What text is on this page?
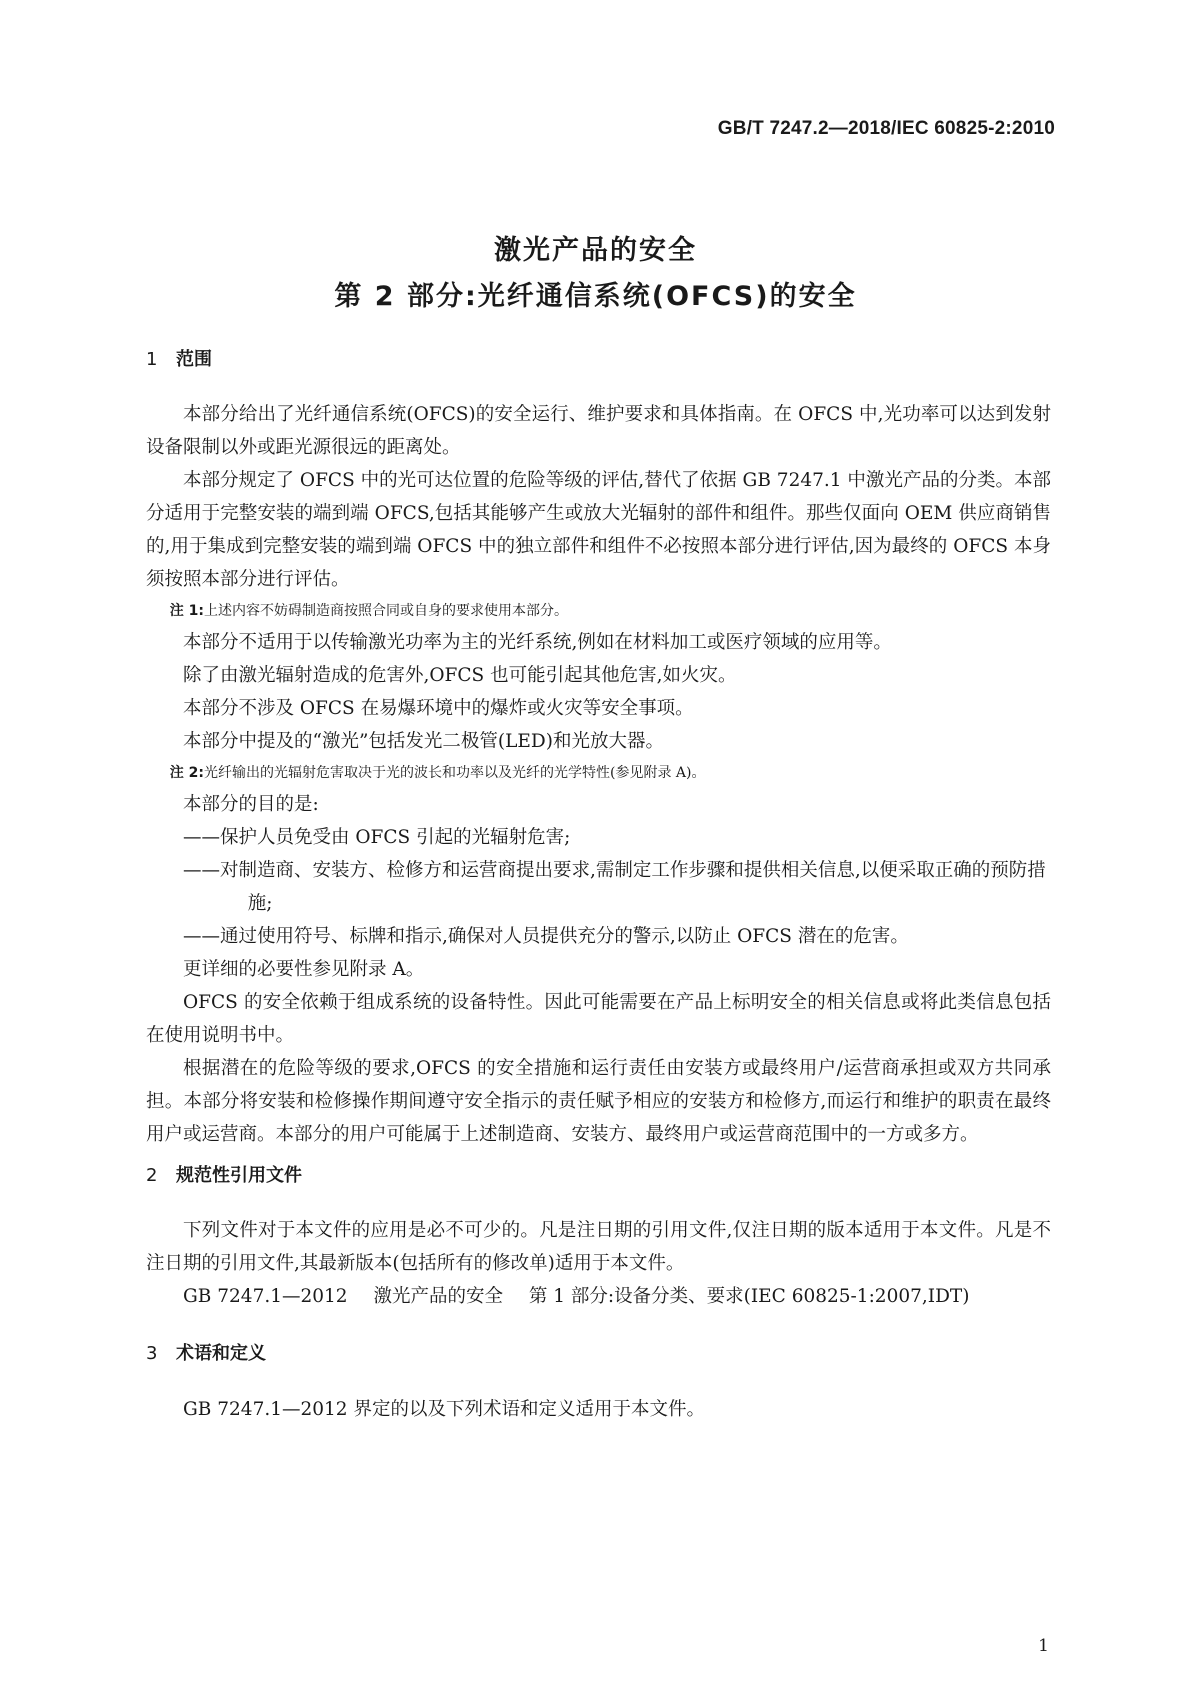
GB/T 7247.2—2018/IEC 60825-2:2010
激光产品的安全
第 2 部分:光纤通信系统(OFCS)的安全
1 范围

本部分给出了光纤通信系统(OFCS)的安全运行、维护要求和具体指南。在 OFCS 中,光功率可以达到发射设备限制以外或距光源很远的距离处。

本部分规定了 OFCS 中的光可达位置的危险等级的评估,替代了依据 GB 7247.1 中激光产品的分类。本部分适用于完整安装的端到端 OFCS,包括其能够产生或放大光辐射的部件和组件。那些仅面向 OEM 供应商销售的,用于集成到完整安装的端到端 OFCS 中的独立部件和组件不必按照本部分进行评估,因为最终的 OFCS 本身须按照本部分进行评估。

注 1:上述内容不妨碍制造商按照合同或自身的要求使用本部分。

本部分不适用于以传输激光功率为主的光纤系统,例如在材料加工或医疗领域的应用等。

除了由激光辐射造成的危害外,OFCS 也可能引起其他危害,如火灾。

本部分不涉及 OFCS 在易爆环境中的爆炸或火灾等安全事项。

本部分中提及的“激光”包括发光二极管(LED)和光放大器。

注 2:光纤输出的光辐射危害取决于光的波长和功率以及光纤的光学特性(参见附录 A)。

本部分的目的是:

——保护人员免受由 OFCS 引起的光辐射危害;

——对制造商、安装方、检修方和运营商提出要求,需制定工作步骤和提供相关信息,以便采取正确的预防措施;

——通过使用符号、标牌和指示,确保对人员提供充分的警示,以防止 OFCS 潜在的危害。

更详细的必要性参见附录 A。

OFCS 的安全依赖于组成系统的设备特性。因此可能需要在产品上标明安全的相关信息或将此类信息包括在使用说明书中。

根据潜在的危险等级的要求,OFCS 的安全措施和运行责任由安装方或最终用户/运营商承担或双方共同承担。本部分将安装和检修操作期间遵守安全指示的责任赋予相应的安装方和检修方,而运行和维护的职责在最终用户或运营商。本部分的用户可能属于上述制造商、安装方、最终用户或运营商范围中的一方或多方。

2 规范性引用文件

下列文件对于本文件的应用是必不可少的。凡是注日期的引用文件,仅注日期的版本适用于本文件。凡是不注日期的引用文件,其最新版本(包括所有的修改单)适用于本文件。

GB 7247.1—2012 激光产品的安全 第 1 部分:设备分类、要求(IEC 60825-1:2007,IDT)

3 术语和定义

GB 7247.1—2012 界定的以及下列术语和定义适用于本文件。

1
